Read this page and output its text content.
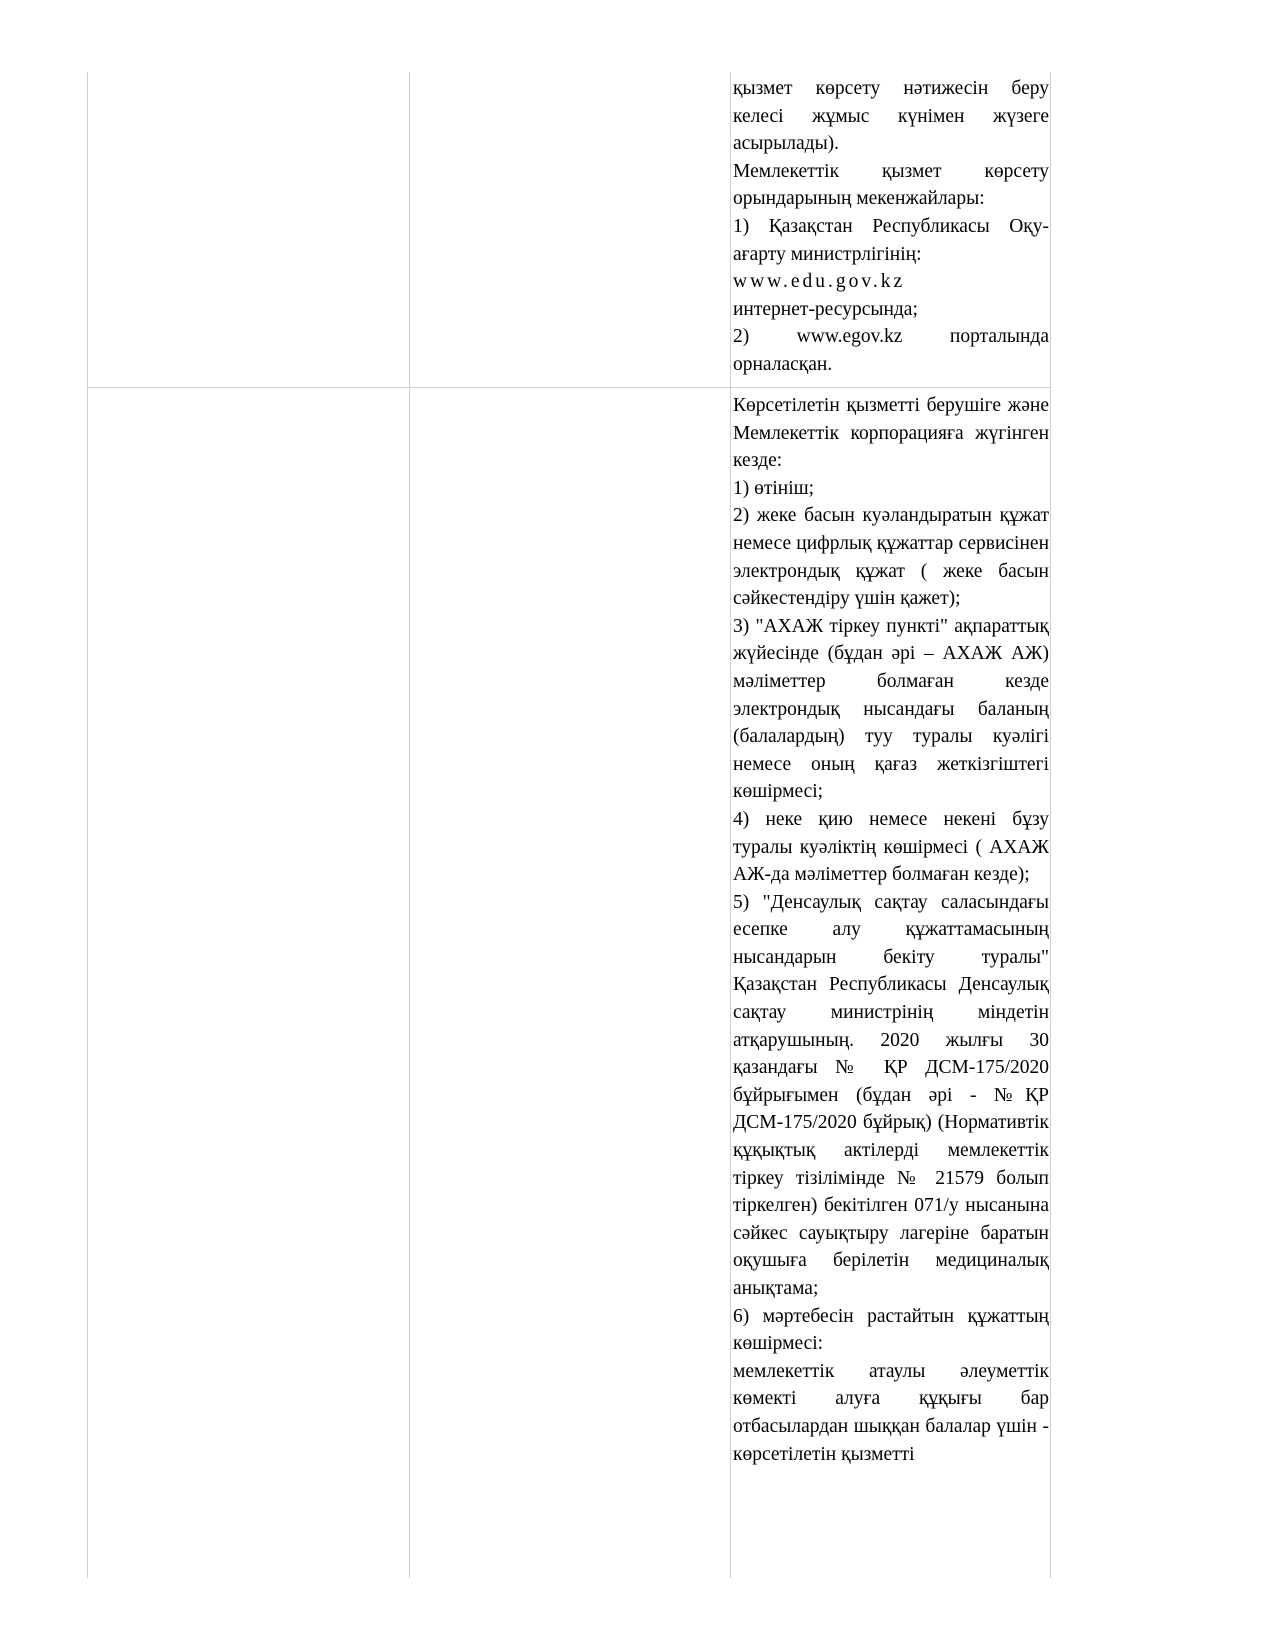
қызмет көрсету нәтижесін беру келесі жұмыс күнімен жүзеге асырылады).

Мемлекеттік қызмет көрсету орындарының мекенжайлары:

1) Қазақстан Республикасы Оқу-ағарту министрлігінің:

www.edu.gov.kz

интернет-ресурсында;

2) www.egov.kz порталында орналасқан.

Көрсетілетін қызметті берушіге және Мемлекеттік корпорацияға жүгінген кезде:

1) өтініш;

2) жеке басын куәландыратын құжат немесе цифрлық құжаттар сервисінен электрондық құжат ( жеке басын сәйкестендіру үшін қажет);

3) "АХАЖ тіркеу пункті" ақпараттық жүйесінде (бұдан әрі – АХАЖ АЖ) мәліметтер болмаған кезде электрондық нысандағы баланың (балалардың) туу туралы куәлігі немесе оның қағаз жеткізгіштегі көшірмесі;

4) неке қию немесе некені бұзу туралы куәліктің көшірмесі ( АХАЖ АЖ-да мәліметтер болмаған кезде);

5) "Денсаулық сақтау саласындағы есепке алу құжаттамасының нысандарын бекіту туралы" Қазақстан Республикасы Денсаулық сақтау министрінің міндетін атқарушының. 2020 жылғы 30 қазандағы № ҚР ДСМ-175/2020 бұйрығымен (бұдан әрі - №ҚР ДСМ-175/2020 бұйрық) (Нормативтік құқықтық актілерді мемлекеттік тіркеу тізілімінде № 21579 болып тіркелген) бекітілген 071/у нысанына сәйкес сауықтыру лагеріне баратын оқушыға берілетін медициналық анықтама;

6) мәртебесін растайтын құжаттың көшірмесі:

мемлекеттік атаулы әлеуметтік көмекті алуға құқығы бар отбасылардан шыққан балалар үшін - көрсетілетін қызметті
